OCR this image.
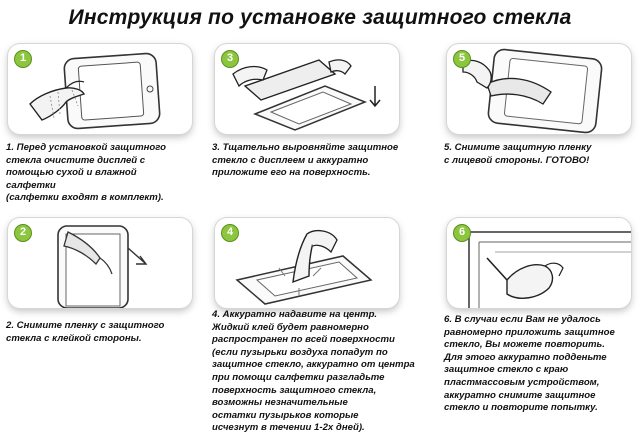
Инструкция по установке защитного стекла
1
2
3
4
5
6
1. Перед установкой защитного
стекла очистите дисплей с
помощью сухой и влажной
салфетки
(салфетки входят в комплект).
2. Снимите пленку с защитного
стекла с клейкой стороны.
3. Тщательно выровняйте защитное
стекло с дисплеем и аккуратно
приложите его на поверхность.
4. Аккуратно надавите на центр.
Жидкий клей будет равномерно
распространен по всей поверхности
(если пузырьки воздуха попадут по
защитное стекло, аккуратно от центра
при помощи салфетки разгладьте
поверхность защитного стекла,
возможны незначительные
остатки пузырьков которые
исчезнут в течении 1-2х дней).
5. Снимите защитную пленку
с лицевой стороны. ГОТОВО!
6. В случаи если Вам не удалось
равномерно приложить защитное
стекло, Вы можете повторить.
Для этого аккуратно подденьте
защитное стекло с краю
пластмассовым устройством,
аккуратно снимите защитное
стекло и повторите попытку.
